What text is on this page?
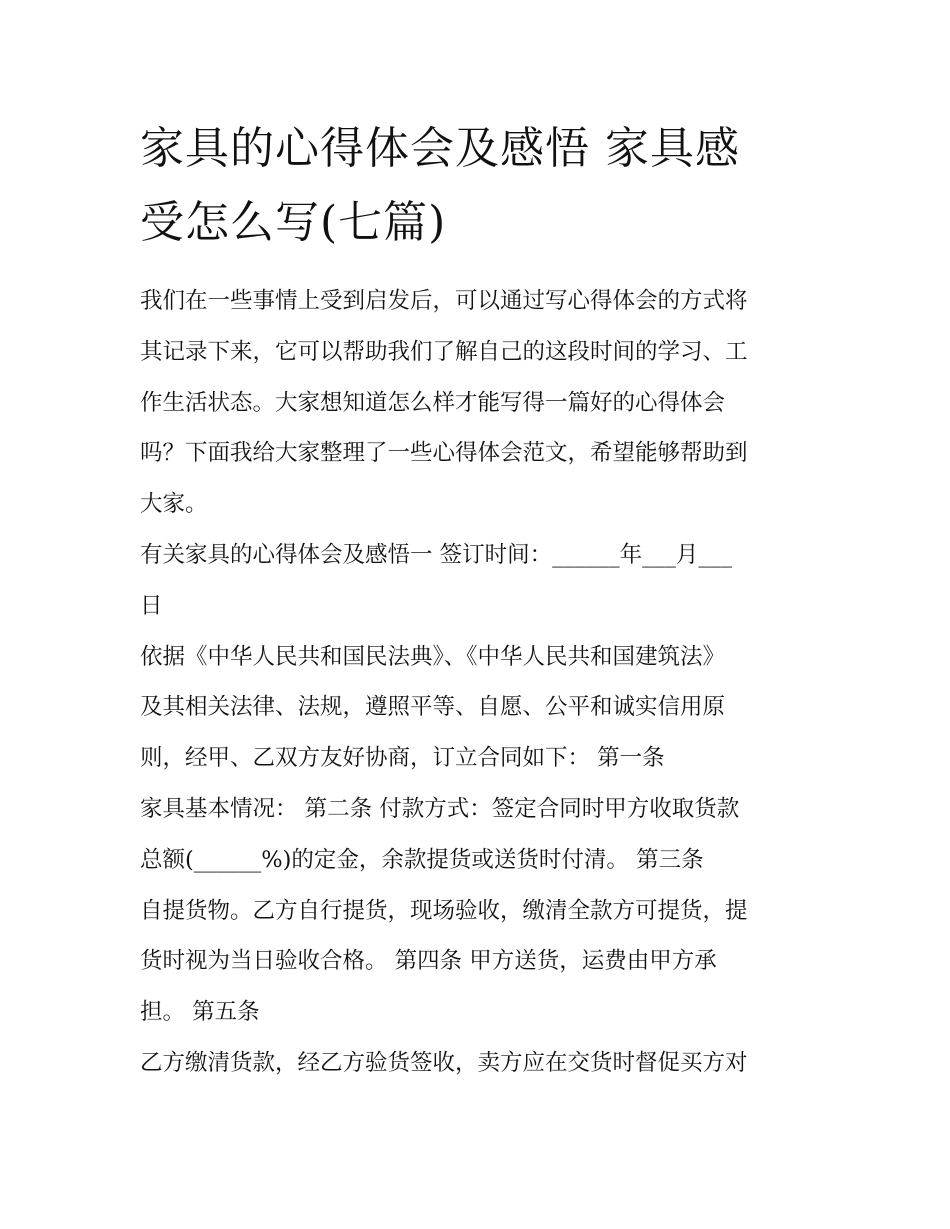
家具的心得体会及感悟 家具感
受怎么写(七篇)
我们在一些事情上受到启发后，可以通过写心得体会的方式将
其记录下来，它可以帮助我们了解自己的这段时间的学习、工
作生活状态。大家想知道怎么样才能写得一篇好的心得体会
吗？下面我给大家整理了一些心得体会范文，希望能够帮助到
大家。
有关家具的心得体会及感悟一 签订时间：______年___月___
日
依据《中华人民共和国民法典》、《中华人民共和国建筑法》
及其相关法律、法规，遵照平等、自愿、公平和诚实信用原
则，经甲、乙双方友好协商，订立合同如下： 第一条
家具基本情况： 第二条 付款方式：签定合同时甲方收取货款
总额(______%)的定金，余款提货或送货时付清。 第三条
自提货物。乙方自行提货，现场验收，缴清全款方可提货，提
货时视为当日验收合格。 第四条 甲方送货，运费由甲方承
担。 第五条
乙方缴清货款，经乙方验货签收，卖方应在交货时督促买方对
